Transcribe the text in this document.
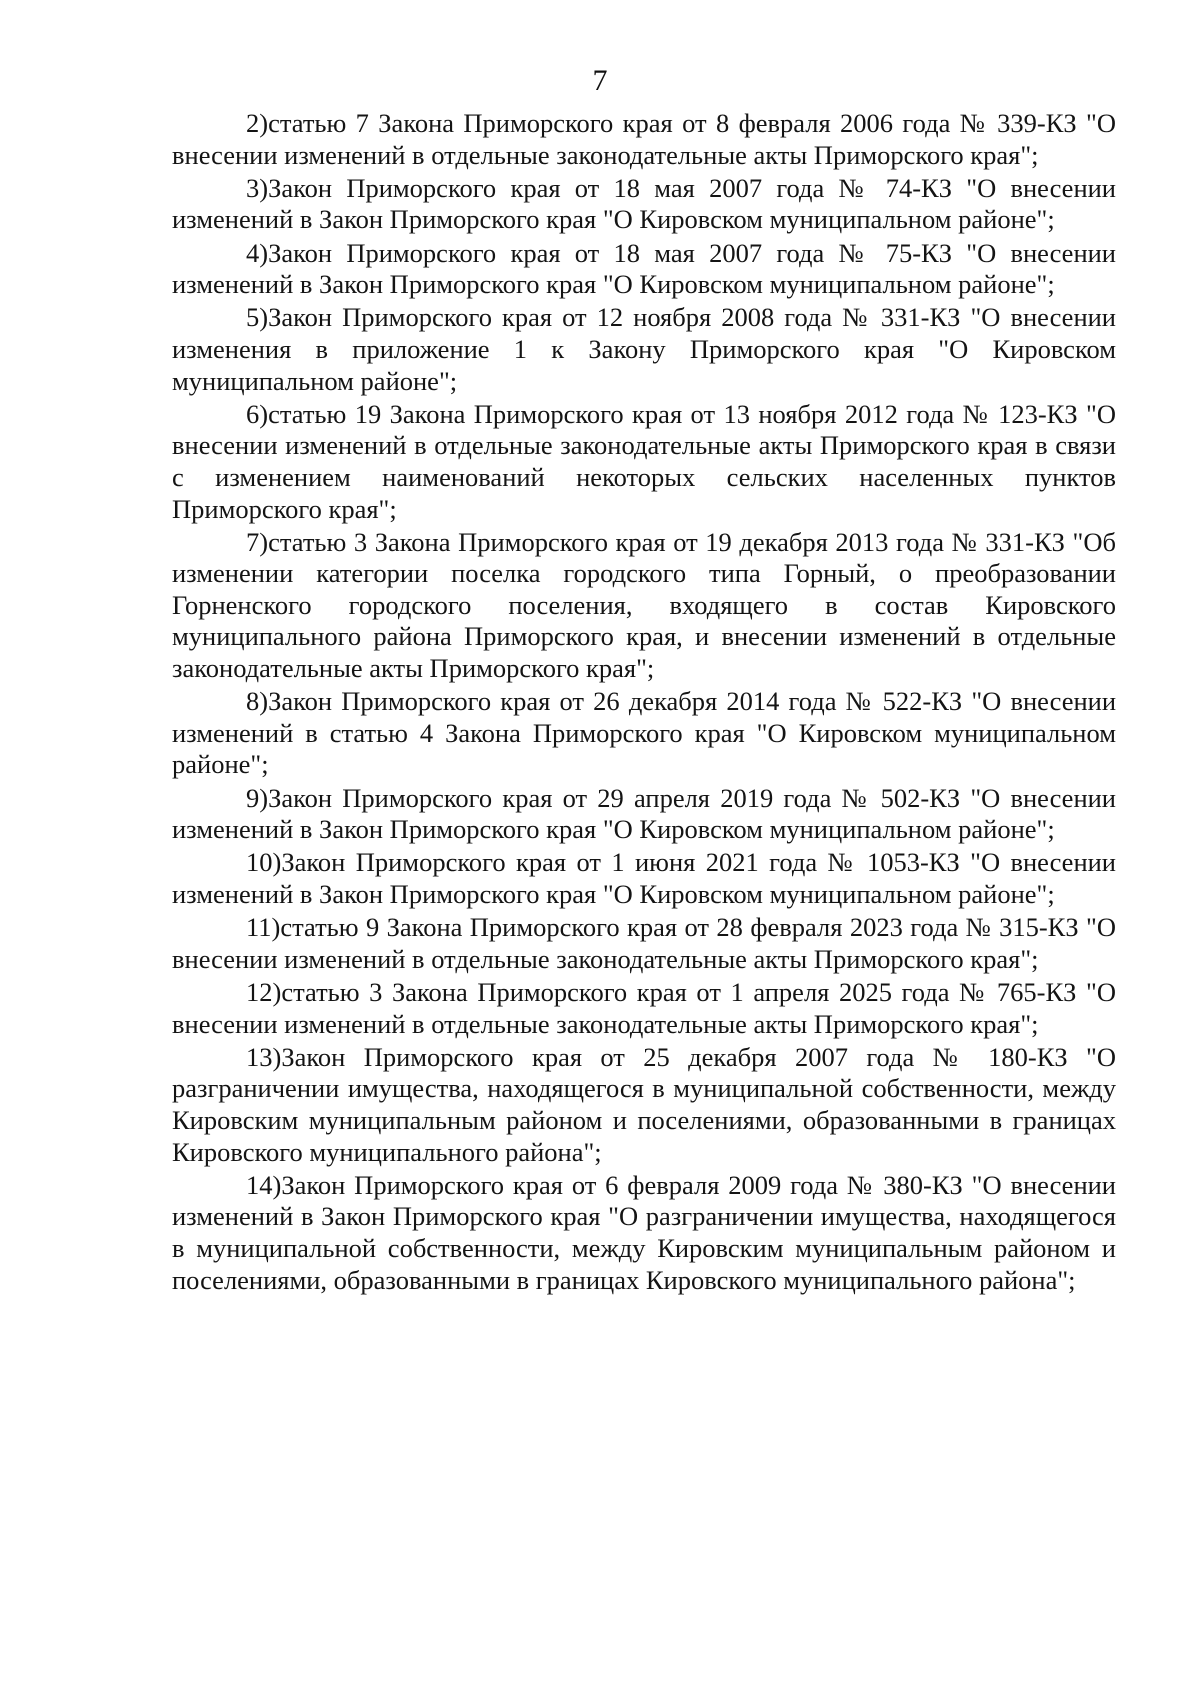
7

2)статью 7 Закона Приморского края от 8 февраля 2006 года № 339-КЗ "О внесении изменений в отдельные законодательные акты Приморского края";

3)Закон Приморского края от 18 мая 2007 года № 74-КЗ "О внесении изменений в Закон Приморского края "О Кировском муниципальном районе";

4)Закон Приморского края от 18 мая 2007 года № 75-КЗ "О внесении изменений в Закон Приморского края "О Кировском муниципальном районе";

5)Закон Приморского края от 12 ноября 2008 года № 331-КЗ "О внесении изменения в приложение 1 к Закону Приморского края "О Кировском муниципальном районе";

6)статью 19 Закона Приморского края от 13 ноября 2012 года № 123-КЗ "О внесении изменений в отдельные законодательные акты Приморского края в связи с изменением наименований некоторых сельских населенных пунктов Приморского края";

7)статью 3 Закона Приморского края от 19 декабря 2013 года № 331-КЗ "Об изменении категории поселка городского типа Горный, о преобразовании Горненского городского поселения, входящего в состав Кировского муниципального района Приморского края, и внесении изменений в отдельные законодательные акты Приморского края";

8)Закон Приморского края от 26 декабря 2014 года № 522-КЗ "О внесении изменений в статью 4 Закона Приморского края "О Кировском муниципальном районе";

9)Закон Приморского края от 29 апреля 2019 года № 502-КЗ "О внесении изменений в Закон Приморского края "О Кировском муниципальном районе";

10)Закон Приморского края от 1 июня 2021 года № 1053-КЗ "О внесении изменений в Закон Приморского края "О Кировском муниципальном районе";

11)статью 9 Закона Приморского края от 28 февраля 2023 года № 315-КЗ "О внесении изменений в отдельные законодательные акты Приморского края";

12)статью 3 Закона Приморского края от 1 апреля 2025 года № 765-КЗ "О внесении изменений в отдельные законодательные акты Приморского края";

13)Закон Приморского края от 25 декабря 2007 года № 180-КЗ "О разграничении имущества, находящегося в муниципальной собственности, между Кировским муниципальным районом и поселениями, образованными в границах Кировского муниципального района";

14)Закон Приморского края от 6 февраля 2009 года № 380-КЗ "О внесении изменений в Закон Приморского края "О разграничении имущества, находящегося в муниципальной собственности, между Кировским муниципальным районом и поселениями, образованными в границах Кировского муниципального района";
